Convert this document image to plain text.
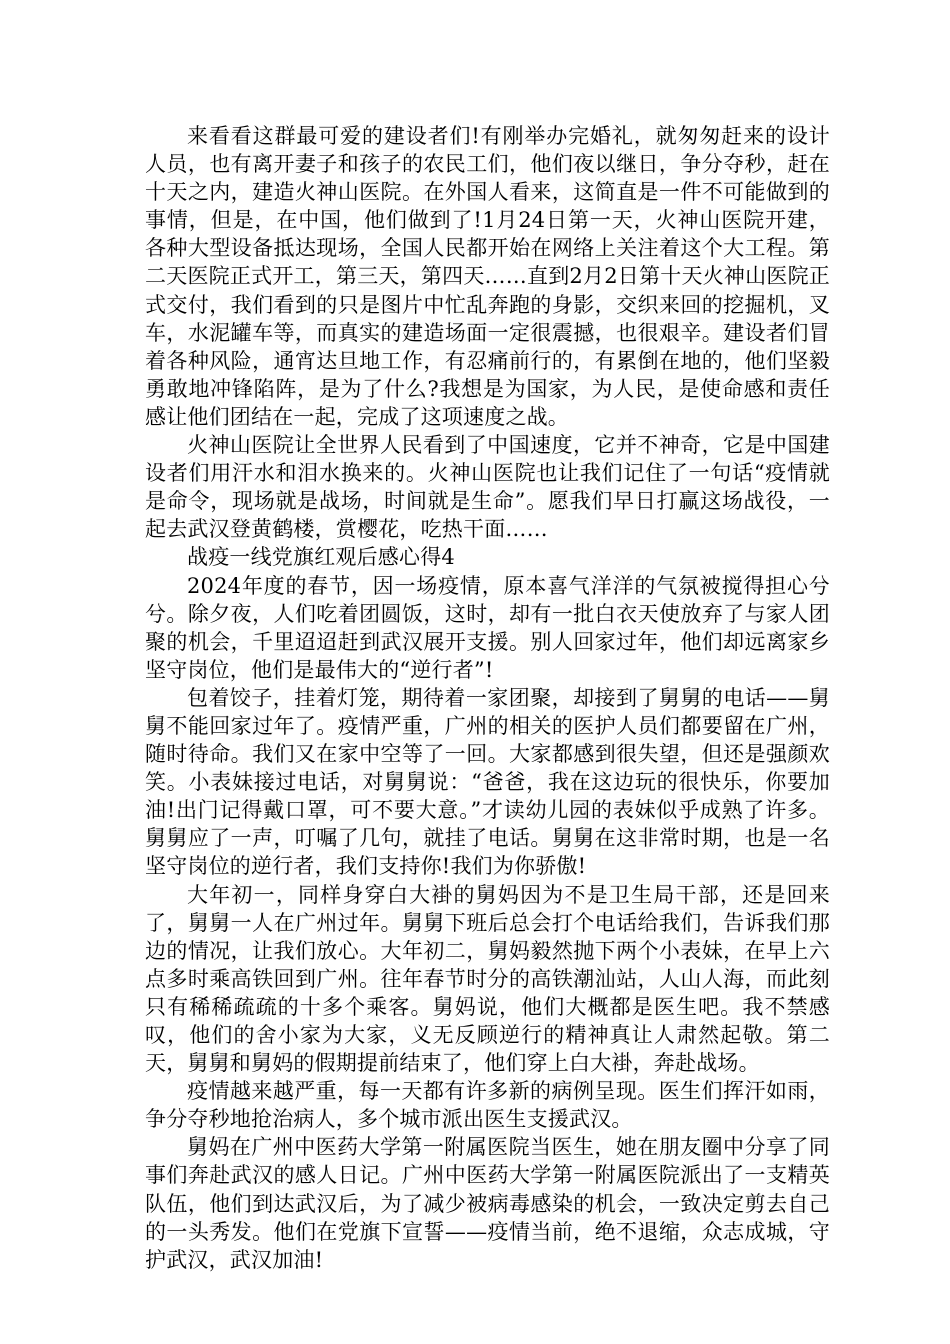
来看看这群最可爱的建设者们!有刚举办完婚礼，就匆匆赶来的设计人员，也有离开妻子和孩子的农民工们，他们夜以继日，争分夺秒，赶在十天之内，建造火神山医院。在外国人看来，这简直是一件不可能做到的事情，但是，在中国，他们做到了!1月24日第一天，火神山医院开建，各种大型设备抵达现场，全国人民都开始在网络上关注着这个大工程。第二天医院正式开工，第三天，第四天……直到2月2日第十天火神山医院正式交付，我们看到的只是图片中忙乱奔跑的身影，交织来回的挖掘机，叉车，水泥罐车等，而真实的建造场面一定很震撼，也很艰辛。建设者们冒着各种风险，通宵达旦地工作，有忍痛前行的，有累倒在地的，他们坚毅勇敢地冲锋陷阵，是为了什么?我想是为国家，为人民，是使命感和责任感让他们团结在一起，完成了这项速度之战。

火神山医院让全世界人民看到了中国速度，它并不神奇，它是中国建设者们用汗水和泪水换来的。火神山医院也让我们记住了一句话“疫情就是命令，现场就是战场，时间就是生命”。愿我们早日打赢这场战役，一起去武汉登黄鹤楼，赏樱花，吃热干面……

战疫一线党旗红观后感心得4

2024年度的春节，因一场疫情，原本喜气洋洋的气氛被搅得担心兮兮。除夕夜，人们吃着团圆饭，这时，却有一批白衣天使放弃了与家人团聚的机会，千里迢迢赶到武汉展开支援。别人回家过年，他们却远离家乡坚守岗位，他们是最伟大的“逆行者”!

包着饺子，挂着灯笼，期待着一家团聚，却接到了舅舅的电话——舅舅不能回家过年了。疫情严重，广州的相关的医护人员们都要留在广州，随时待命。我们又在家中空等了一回。大家都感到很失望，但还是强颜欢笑。小表妹接过电话，对舅舅说：“爸爸，我在这边玩的很快乐，你要加油!出门记得戴口罩，可不要大意。”才读幼儿园的表妹似乎成熟了许多。舅舅应了一声，叮嘱了几句，就挂了电话。舅舅在这非常时期，也是一名坚守岗位的逆行者，我们支持你!我们为你骄傲!

大年初一，同样身穿白大褂的舅妈因为不是卫生局干部，还是回来了，舅舅一人在广州过年。舅舅下班后总会打个电话给我们，告诉我们那边的情况，让我们放心。大年初二，舅妈毅然抛下两个小表妹，在早上六点多时乘高铁回到广州。往年春节时分的高铁潮汕站，人山人海，而此刻只有稀稀疏疏的十多个乘客。舅妈说，他们大概都是医生吧。我不禁感叹，他们的舍小家为大家，义无反顾逆行的精神真让人肃然起敬。第二天，舅舅和舅妈的假期提前结束了，他们穿上白大褂，奔赴战场。

疫情越来越严重，每一天都有许多新的病例呈现。医生们挥汗如雨，争分夺秒地抢治病人，多个城市派出医生支援武汉。

舅妈在广州中医药大学第一附属医院当医生，她在朋友圈中分享了同事们奔赴武汉的感人日记。广州中医药大学第一附属医院派出了一支精英队伍，他们到达武汉后，为了减少被病毒感染的机会，一致决定剪去自己的一头秀发。他们在党旗下宣誓——疫情当前，绝不退缩，众志成城，守护武汉，武汉加油!
